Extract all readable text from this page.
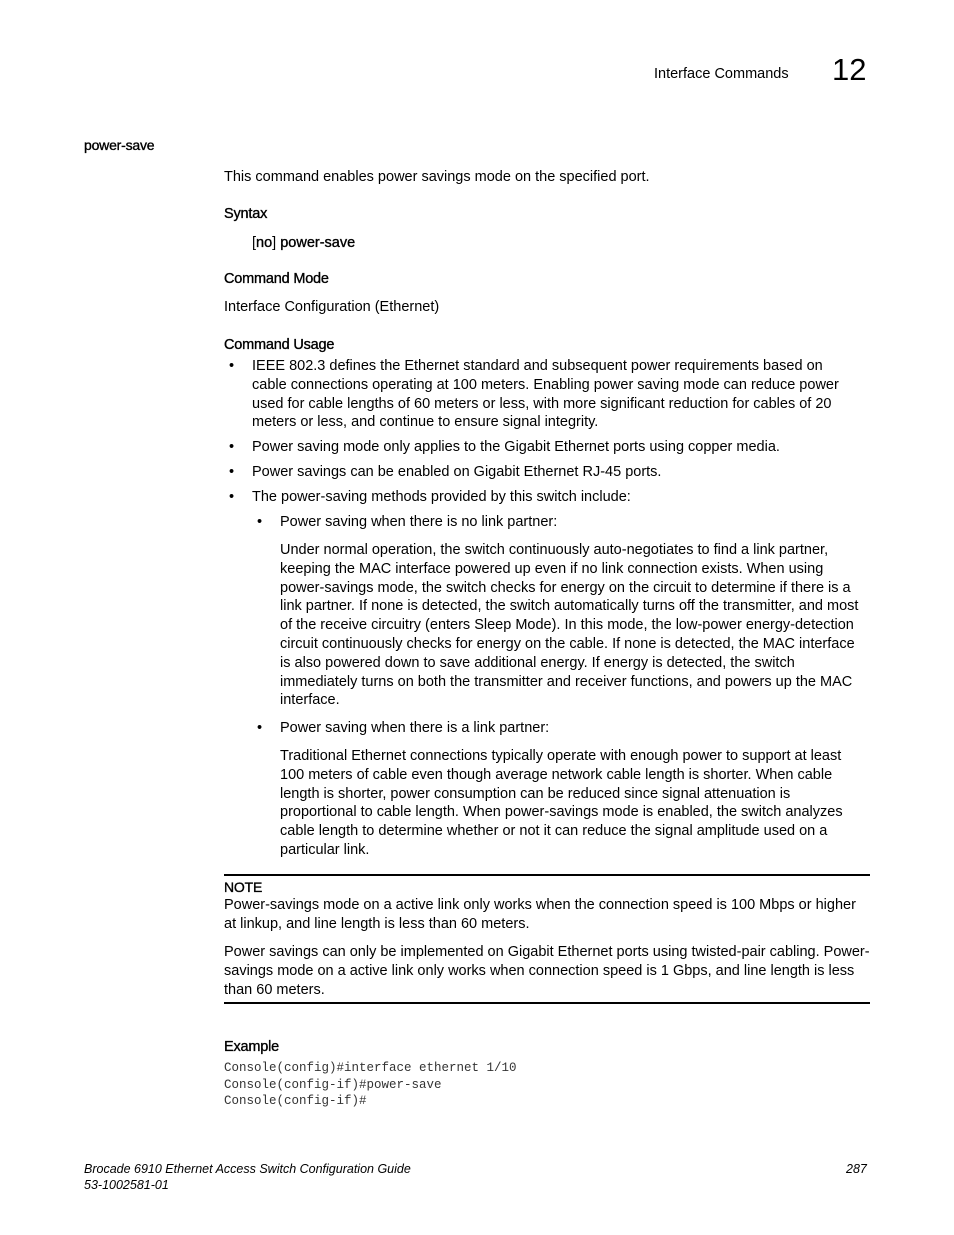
Interface Commands 12
power-save
This command enables power savings mode on the specified port.
Syntax
[no] power-save
Command Mode
Interface Configuration (Ethernet)
Command Usage
• IEEE 802.3 defines the Ethernet standard and subsequent power requirements based on cable connections operating at 100 meters. Enabling power saving mode can reduce power used for cable lengths of 60 meters or less, with more significant reduction for cables of 20 meters or less, and continue to ensure signal integrity.
• Power saving mode only applies to the Gigabit Ethernet ports using copper media.
• Power savings can be enabled on Gigabit Ethernet RJ-45 ports.
• The power-saving methods provided by this switch include:
• Power saving when there is no link partner:
Under normal operation, the switch continuously auto-negotiates to find a link partner, keeping the MAC interface powered up even if no link connection exists. When using power-savings mode, the switch checks for energy on the circuit to determine if there is a link partner. If none is detected, the switch automatically turns off the transmitter, and most of the receive circuitry (enters Sleep Mode). In this mode, the low-power energy-detection circuit continuously checks for energy on the cable. If none is detected, the MAC interface is also powered down to save additional energy. If energy is detected, the switch immediately turns on both the transmitter and receiver functions, and powers up the MAC interface.
• Power saving when there is a link partner:
Traditional Ethernet connections typically operate with enough power to support at least 100 meters of cable even though average network cable length is shorter. When cable length is shorter, power consumption can be reduced since signal attenuation is proportional to cable length. When power-savings mode is enabled, the switch analyzes cable length to determine whether or not it can reduce the signal amplitude used on a particular link.
NOTE
Power-savings mode on a active link only works when the connection speed is 100 Mbps or higher at linkup, and line length is less than 60 meters.
Power savings can only be implemented on Gigabit Ethernet ports using twisted-pair cabling. Power-savings mode on a active link only works when connection speed is 1 Gbps, and line length is less than 60 meters.
Example
Console(config)#interface ethernet 1/10
Console(config-if)#power-save
Console(config-if)#
Brocade 6910 Ethernet Access Switch Configuration Guide
53-1002581-01
287
